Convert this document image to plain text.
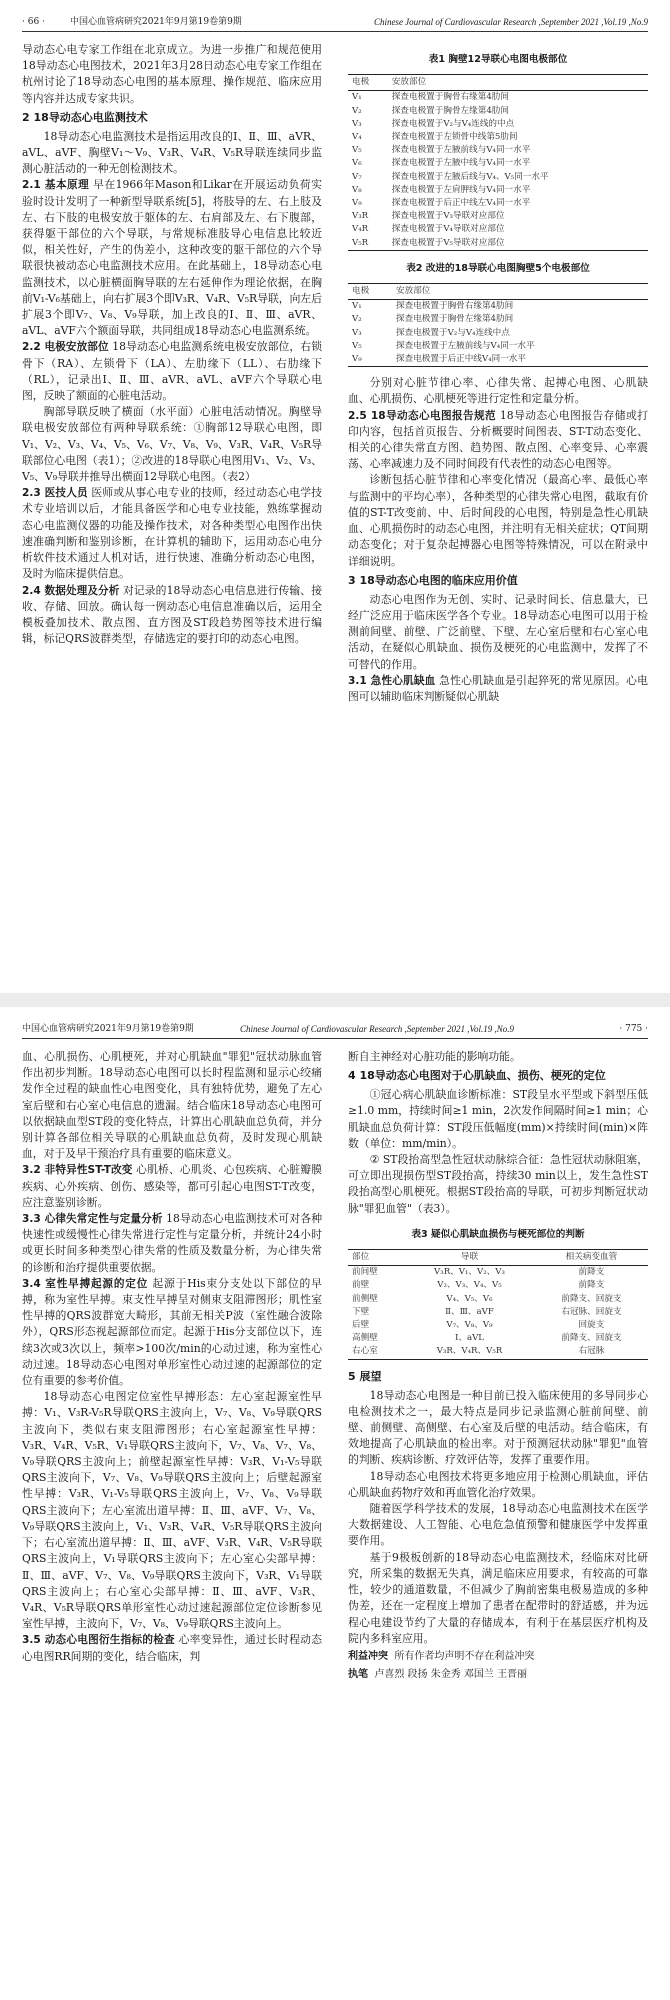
· 66 ·	中国心血管病研究2021年9月第19卷第9期	Chinese Journal of Cardiovascular Research ,September 2021 ,Vol.19 ,No.9

导动态心电专家工作组在北京成立。为进一步推广和规范使用18导动态心电图技术，2021年3月28日动态心电专家工作组在杭州讨论了18导动态心电图的基本原理、操作规范、临床应用等内容并达成专家共识。

2 18导动态心电监测技术

18导动态心电监测技术是指运用改良的Ⅰ、Ⅱ、Ⅲ、aVR、aVL、aVF、胸壁V₁～V₉、V₃R、V₄R、V₅R导联连续同步监测心脏活动的一种无创检测技术。

2.1 基本原理 早在1966年Mason和Likar在开展运动负荷实验时设计发明了一种新型导联系统[5]，将肢导的左、右上肢及左、右下肢的电极安放于躯体的左、右肩部及左、右下腹部，获得躯干部位的六个导联，与常规标准肢导心电信息比较近似，相关性好，产生的伪差小，这种改变的躯干部位的六个导联很快被动态心电监测技术应用。在此基础上，18导动态心电监测技术，以心脏横面胸导联的左右延伸作为理论依据，在胸前V₁-V₆基础上，向右扩展3个即V₃R、V₄R、V₅R导联，向左后扩展3个即V₇、V₈、V₉导联，加上改良的Ⅰ、Ⅱ、Ⅲ、aVR、aVL、aVF六个额面导联，共同组成18导动态心电监测系统。

2.2 电极安放部位 18导动态心电监测系统电极安放部位，右锁骨下（RA）、左锁骨下（LA）、左肋缘下（LL）、右肋缘下（RL），记录出Ⅰ、Ⅱ、Ⅲ、aVR、aVL、aVF六个导联心电图，反映了额面的心脏电活动。

胸部导联反映了横面（水平面）心脏电活动情况。胸壁导联电极安放部位有两种导联系统：①胸部12导联心电图，即V₁、V₂、V₃、V₄、V₅、V₆、V₇、V₈、V₉、V₃R、V₄R、V₅R导联部位心电图（表1）；②改进的18导联心电图用V₁、V₂、V₃、V₅、V₉导联并推导出横面12导联心电图。（表2）

2.3 医技人员 医师或从事心电专业的技师，经过动态心电学技术专业培训以后，才能具备医学和心电专业技能，熟练掌握动态心电监测仪器的功能及操作技术，对各种类型心电图作出快速准确判断和鉴别诊断，在计算机的辅助下，运用动态心电分析软件技术通过人机对话，进行快速、准确分析动态心电图，及时为临床提供信息。

2.4 数据处理及分析 对记录的18导动态心电信息进行传输、接收、存储、回放。确认每一例动态心电信息准确以后，运用全模板叠加技术、散点图、直方图及ST段趋势图等技术进行编辑，标记QRS波群类型，存储选定的要打印的动态心电图。

表1 胸壁12导联心电图电极部位
电极	安放部位
V₁	探查电极置于胸骨右缘第4肋间
V₂	探查电极置于胸骨左缘第4肋间
V₃	探查电极置于V₂与V₄连线的中点
V₄	探查电极置于左锁骨中线第5肋间
V₅	探查电极置于左腋前线与V₄同一水平
V₆	探查电极置于左腋中线与V₄同一水平
V₇	探查电极置于左腋后线与V₄、V₅同一水平
V₈	探查电极置于左肩胛线与V₄同一水平
V₉	探查电极置于后正中线左V₄同一水平
V₃R	探查电极置于V₃导联对应部位
V₄R	探查电极置于V₄导联对应部位
V₅R	探查电极置于V₅导联对应部位
表2 改进的18导联心电图胸壁5个电极部位
电极	安放部位
V₁	探查电极置于胸骨右缘第4肋间
V₂	探查电极置于胸骨左缘第4肋间
V₃	探查电极置于V₂与V₄连线中点
V₅	探查电极置于左腋前线与V₄同一水平
V₉	探查电极置于后正中线V₄同一水平

分别对心脏节律心率、心律失常、起搏心电图、心肌缺血、心肌损伤、心肌梗死等进行定性和定量分析。

2.5 18导动态心电图报告规范 18导动态心电图报告存储或打印内容，包括首页报告、分析概要时间图表、ST-T动态变化、相关的心律失常直方图、趋势图、散点图、心率变异、心率震荡、心率减速力及不同时间段有代表性的动态心电图等。

诊断包括心脏节律和心率变化情况（最高心率、最低心率与监测中的平均心率），各种类型的心律失常心电图，截取有价值的ST-T改变前、中、后时间段的心电图，特别是急性心肌缺血、心肌损伤时的动态心电图，并注明有无相关症状；QT间期动态变化；对于复杂起搏器心电图等特殊情况，可以在附录中详细说明。

3 18导动态心电图的临床应用价值

动态心电图作为无创、实时、记录时间长、信息量大，已经广泛应用于临床医学各个专业。18导动态心电图可以用于检测前间壁、前壁、广泛前壁、下壁、左心室后壁和右心室心电活动，在疑似心肌缺血、损伤及梗死的心电监测中，发挥了不可替代的作用。

3.1 急性心肌缺血 急性心肌缺血是引起猝死的常见原因。心电图可以辅助临床判断疑似心肌缺

中国心血管病研究2021年9月第19卷第9期	Chinese Journal of Cardiovascular Research ,September 2021 ,Vol.19 ,No.9	· 775 ·

血、心肌损伤、心肌梗死，并对心肌缺血"罪犯"冠状动脉血管作出初步判断。18导动态心电图可以长时程监测和显示心绞痛发作全过程的缺血性心电图变化，具有独特优势，避免了左心室后壁和右心室心电信息的遗漏。结合临床18导动态心电图可以依据缺血型ST段的变化特点，计算出心肌缺血总负荷，并分别计算各部位相关导联的心肌缺血总负荷，及时发现心肌缺血，对于及早干预治疗具有重要的临床意义。

3.2 非特异性ST-T改变 心肌桥、心肌炎、心包疾病、心脏瓣膜疾病、心外疾病、创伤、感染等，都可引起心电图ST-T改变，应注意鉴别诊断。

3.3 心律失常定性与定量分析 18导动态心电监测技术可对各种快速性或缓慢性心律失常进行定性与定量分析，并统计24小时或更长时间多种类型心律失常的性质及数量分析，为心律失常的诊断和治疗提供重要依据。

3.4 室性早搏起源的定位 起源于His束分支处以下部位的早搏，称为室性早搏。束支性早搏呈对侧束支阻滞图形；肌性室性早搏的QRS波群宽大畸形，其前无相关P波（室性融合波除外），QRS形态视起源部位而定。起源于His分支部位以下，连续3次或3次以上，频率>100次/min的心动过速，称为室性心动过速。18导动态心电图对单形室性心动过速的起源部位的定位有重要的参考价值。

18导动态心电图定位室性早搏形态：左心室起源室性早搏：V₁、V₃R-V₅R导联QRS主波向上，V₇、V₈、V₉导联QRS主波向下，类似右束支阻滞图形；右心室起源室性早搏：V₃R、V₄R、V₅R、V₁导联QRS主波向下，V₇、V₈、V₇、V₈、V₉导联QRS主波向上；前壁起源室性早搏：V₃R、V₁-V₅导联QRS主波向下，V₇、V₈、V₉导联QRS主波向上；后壁起源室性早搏：V₃R、V₁-V₅导联QRS主波向上，V₇、V₈、V₉导联QRS主波向下；左心室流出道早搏：Ⅱ、Ⅲ、aVF、V₇、V₈、V₉导联QRS主波向上，V₁、V₃R、V₄R、V₅R导联QRS主波向下；右心室流出道早搏：Ⅱ、Ⅲ、aVF、V₃R、V₄R、V₅R导联QRS主波向上，V₁导联QRS主波向下；左心室心尖部早搏：Ⅱ、Ⅲ、aVF、V₇、V₈、V₉导联QRS主波向下，V₃R、V₁导联QRS主波向上；右心室心尖部早搏：Ⅱ、Ⅲ、aVF、V₃R、V₄R、V₅R导联QRS单形室性心动过速起源部位定位诊断参见室性早搏，主波向下，V₇、V₈、V₉导联QRS主波向上。

3.5 动态心电图衍生指标的检查 心率变异性，通过长时程动态心电图RR间期的变化，结合临床，判

断自主神经对心脏功能的影响功能。

4 18导动态心电图对于心肌缺血、损伤、梗死的定位

①冠心病心肌缺血诊断标准：ST段呈水平型或下斜型压低≥1.0 mm，持续时间≥1 min，2次发作间隔时间≥1 min；心肌缺血总负荷计算：ST段压低幅度(mm)×持续时间(min)×阵数（单位：mm/min）。

② ST段抬高型急性冠状动脉综合征：急性冠状动脉阻塞，可立即出现损伤型ST段抬高，持续30 min以上，发生急性ST段抬高型心肌梗死。根据ST段抬高的导联，可初步判断冠状动脉"罪犯血管"（表3）。

表3 疑似心肌缺血损伤与梗死部位的判断
部位	导联	相关病变血管
前间壁	V₃R、V₁、V₂、V₃	前降支
前壁	V₂、V₃、V₄、V₅	前降支
前侧壁	V₄、V₅、V₆	前降支、回旋支
下壁	Ⅱ、Ⅲ、aVF	右冠脉、回旋支
后壁	V₇、V₈、V₉	回旋支
高侧壁	Ⅰ、aVL	前降支、回旋支
右心室	V₃R、V₄R、V₅R	右冠脉
5 展望

18导动态心电图是一种目前已投入临床使用的多导同步心电检测技术之一，最大特点是同步记录监测心脏前间壁、前壁、前侧壁、高侧壁、右心室及后壁的电活动。结合临床，有效地提高了心肌缺血的检出率。对于预测冠状动脉"罪犯"血管的判断、疾病诊断、疗效评估等，发挥了重要作用。

18导动态心电图技术将更多地应用于检测心肌缺血，评估心肌缺血药物疗效和再血管化治疗效果。

随着医学科学技术的发展，18导动态心电监测技术在医学大数据建设、人工智能、心电危急值预警和健康医学中发挥重要作用。

基于9极板创新的18导动态心电监测技术，经临床对比研究，所采集的数据无失真，满足临床应用要求，有较高的可靠性，较少的通道数量，不但减少了胸前密集电极易造成的多种伪差，还在一定程度上增加了患者在配带时的舒适感，并为远程心电建设节约了大量的存储成本，有利于在基层医疗机构及院内多科室应用。

利益冲突 所有作者均声明不存在利益冲突
执笔 卢喜烈 段扬 朱金秀 邓国兰 王晋丽
